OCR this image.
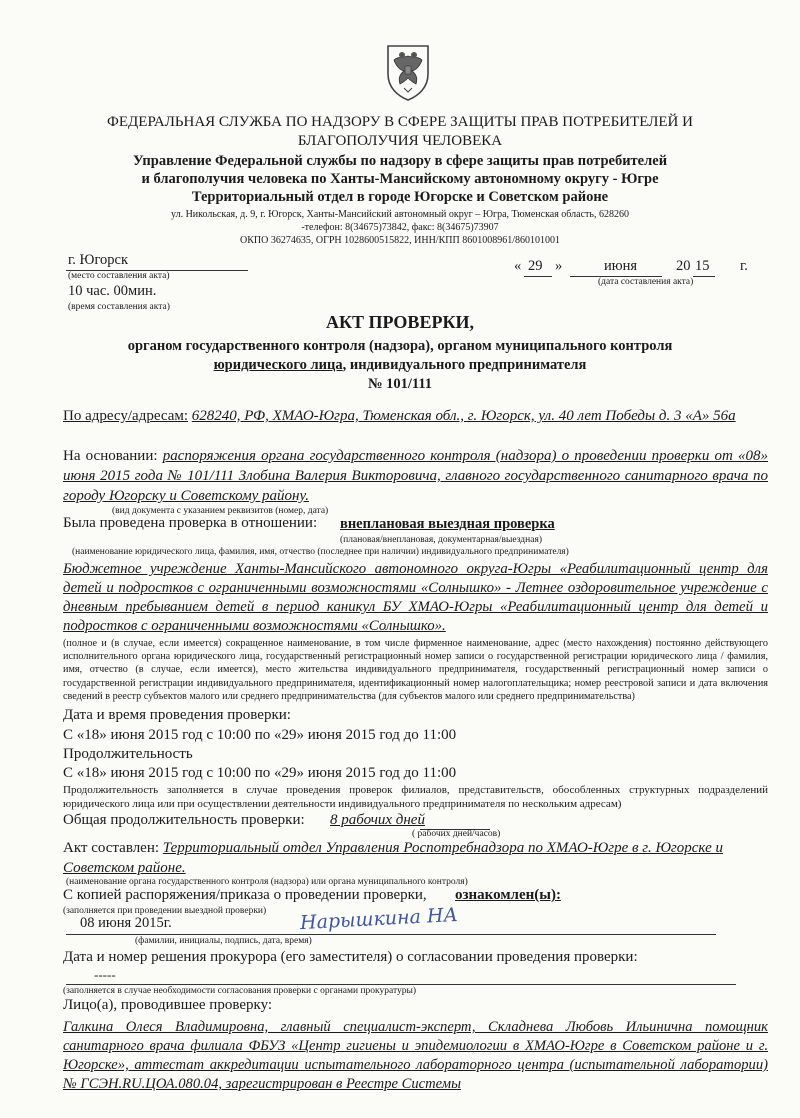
ФЕДЕРАЛЬНАЯ СЛУЖБА ПО НАДЗОРУ В СФЕРЕ ЗАЩИТЫ ПРАВ ПОТРЕБИТЕЛЕЙ И
БЛАГОПОЛУЧИЯ ЧЕЛОВЕКА
Управление Федеральной службы по надзору в сфере защиты прав потребителей
и благополучия человека по Ханты-Мансийскому автономному округу - Югре
Территориальный отдел в городе Югорске и Советском районе
ул. Никольская, д. 9, г. Югорск, Ханты-Мансийский автономный округ – Югра, Тюменская область, 628260
-телефон: 8(34675)73842, факс: 8(34675)73907
ОКПО 36274635, ОГРН 1028600515822, ИНН/КПП 8601008961/860101001
г. Югорск
(место составления акта)
10 час. 00мин.
(время составления акта)
« 29 »	июня	20 15 г.
(дата составления акта)
АКТ ПРОВЕРКИ,
органом государственного контроля (надзора), органом муниципального контроля
юридического лица, индивидуального предпринимателя
№ 101/111
По адресу/адресам: 628240, РФ, ХМАО-Югра, Тюменская обл., г. Югорск, ул. 40 лет Победы д. 3 «А» 56а
На основании: распоряжения органа государственного контроля (надзора) о проведении проверки от «08» июня 2015 года № 101/111 Злобина Валерия Викторовича, главного государственного санитарного врача по городу Югорску и Советскому району.
(вид документа с указанием реквизитов (номер, дата)
Была проведена проверка в отношении: внеплановая выездная проверка
(плановая/внеплановая, документарная/выездная)
(наименование юридического лица, фамилия, имя, отчество (последнее при наличии) индивидуального предпринимателя)
Бюджетное учреждение Ханты-Мансийского автономного округа-Югры «Реабилитационный центр для детей и подростков с ограниченными возможностями «Солнышко» - Летнее оздоровительное учреждение с дневным пребыванием детей в период каникул БУ ХМАО-Югры «Реабилитационный центр для детей и подростков с ограниченными возможностями «Солнышко».
(полное и (в случае, если имеется) сокращенное наименование, в том числе фирменное наименование, адрес (место нахождения) постоянно действующего исполнительного органа юридического лица, государственный регистрационный номер записи о государственной регистрации юридического лица / фамилия, имя, отчество (в случае, если имеется), место жительства индивидуального предпринимателя, государственный регистрационный номер записи о государственной регистрации индивидуального предпринимателя, идентификационный номер налогоплательщика; номер реестровой записи и дата включения сведений в реестр субъектов малого или среднего предпринимательства (для субъектов малого или среднего предпринимательства)
Дата и время проведения проверки:
С «18» июня 2015 год с 10:00 по «29» июня 2015 год до 11:00
Продолжительность
С «18» июня 2015 год с 10:00 по «29» июня 2015 год до 11:00
Продолжительность заполняется в случае проведения проверок филиалов, представительств, обособленных структурных подразделений юридического лица или при осуществлении деятельности индивидуального предпринимателя по нескольким адресам)
Общая продолжительность проверки: 8 рабочих дней
( рабочих дней/часов)
Акт составлен: Территориальный отдел Управления Роспотребнадзора по ХМАО-Югре в г. Югорске и Советском районе.
(наименование органа государственного контроля (надзора) или органа муниципального контроля)
С копией распоряжения/приказа о проведении проверки, ознакомлен(ы):
(заполняется при проведении выездной проверки)
08 июня 2015г.	Нарышкина НА
(фамилии, инициалы, подпись, дата, время)
Дата и номер решения прокурора (его заместителя) о согласовании проведения проверки:
-----
(заполняется в случае необходимости согласования проверки с органами прокуратуры)
Лицо(а), проводившее проверку:
Галкина Олеся Владимировна, главный специалист-эксперт, Складнева Любовь Ильинична помощник санитарного врача филиала ФБУЗ «Центр гигиены и эпидемиологии в ХМАО-Югре в Советском районе и г. Югорске», аттестат аккредитации испытательного лабораторного центра (испытательной лаборатории) № ГСЭН.RU.ЦОА.080.04, зарегистрирован в Реестре Системы
